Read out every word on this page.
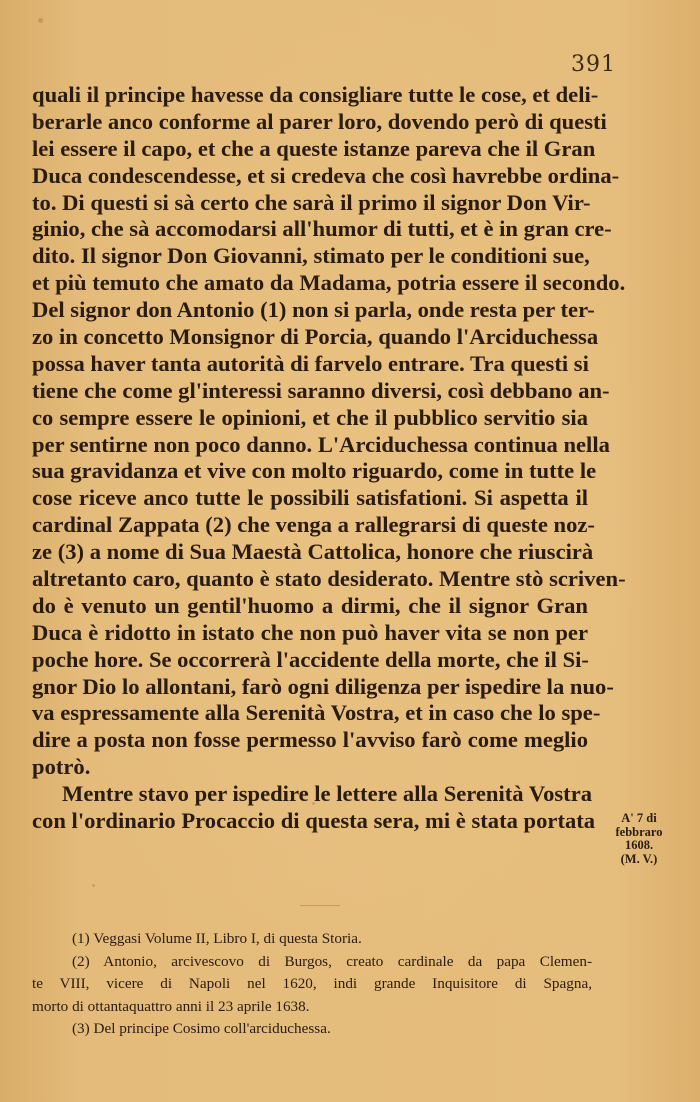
391
quali il principe havesse da consigliare tutte le cose, et deli-
berarle anco conforme al parer loro, dovendo però di questi
lei essere il capo, et che a queste istanze pareva che il Gran
Duca condescendesse, et si credeva che così havrebbe ordina-
to. Di questi si sà certo che sarà il primo il signor Don Vir-
ginio, che sà accomodarsi all'humor di tutti, et è in gran cre-
dito. Il signor Don Giovanni, stimato per le conditioni sue,
et più temuto che amato da Madama, potria essere il secondo.
Del signor don Antonio (1) non si parla, onde resta per ter-
zo in concetto Monsignor di Porcia, quando l'Arciduchessa
possa haver tanta autorità di farvelo entrare. Tra questi si
tiene che come gl'interessi saranno diversi, così debbano an-
co sempre essere le opinioni, et che il pubblico servitio sia
per sentirne non poco danno. L'Arciduchessa continua nella
sua gravidanza et vive con molto riguardo, come in tutte le
cose riceve anco tutte le possibili satisfationi. Si aspetta il
cardinal Zappata (2) che venga a rallegrarsi di queste noz-
ze (3) a nome di Sua Maestà Cattolica, honore che riuscirà
altretanto caro, quanto è stato desiderato. Mentre stò scriven-
do è venuto un gentil'huomo a dirmi, che il signor Gran
Duca è ridotto in istato che non può haver vita se non per
poche hore. Se occorrerà l'accidente della morte, che il Si-
gnor Dio lo allontani, farò ogni diligenza per ispedire la nuo-
va espressamente alla Serenità Vostra, et in caso che lo spe-
dire a posta non fosse permesso l'avviso farò come meglio
potrò.
Mentre stavo per ispedire le lettere alla Serenità Vostra
con l'ordinario Procaccio di questa sera, mi è stata portata	A' 7 di
febbraro
1608.
(M. V.)
(1) Veggasi Volume II, Libro I, di questa Storia.
(2) Antonio, arcivescovo di Burgos, creato cardinale da papa Clemen-
te VIII, vicere di Napoli nel 1620, indi grande Inquisitore di Spagna,
morto di ottantaquattro anni il 23 aprile 1638.
(3) Del principe Cosimo coll'arciduchessa.
